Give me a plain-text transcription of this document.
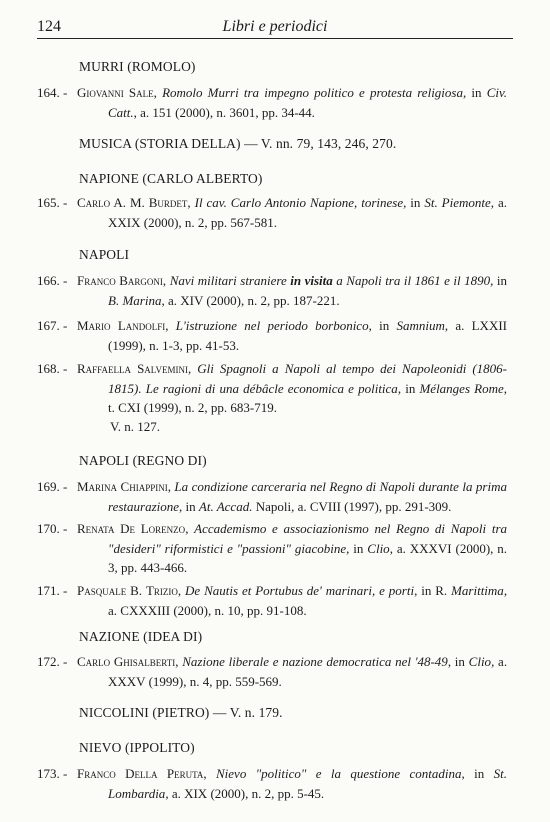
124	Libri e periodici
MURRI (ROMOLO)
164. - Giovanni Sale, Romolo Murri tra impegno politico e protesta religiosa, in Civ. Catt., a. 151 (2000), n. 3601, pp. 34-44.
MUSICA (STORIA DELLA) — V. nn. 79, 143, 246, 270.
NAPIONE (CARLO ALBERTO)
165. - Carlo A. M. Burdet, Il cav. Carlo Antonio Napione, torinese, in St. Piemonte, a. XXIX (2000), n. 2, pp. 567-581.
NAPOLI
166. - Franco Bargoni, Navi militari straniere in visita a Napoli tra il 1861 e il 1890, in B. Marina, a. XIV (2000), n. 2, pp. 187-221.
167. - Mario Landolfi, L'istruzione nel periodo borbonico, in Samnium, a. LXXII (1999), n. 1-3, pp. 41-53.
168. - Raffaella Salvemini, Gli Spagnoli a Napoli al tempo dei Napoleonidi (1806-1815). Le ragioni di una débâcle economica e politica, in Mélanges Rome, t. CXI (1999), n. 2, pp. 683-719.
V. n. 127.
NAPOLI (REGNO DI)
169. - Marina Chiappini, La condizione carceraria nel Regno di Napoli durante la prima restaurazione, in At. Accad. Napoli, a. CVIII (1997), pp. 291-309.
170. - Renata De Lorenzo, Accademismo e associazionismo nel Regno di Napoli tra "desideri" riformistici e "passioni" giacobine, in Clio, a. XXXVI (2000), n. 3, pp. 443-466.
171. - Pasquale B. Trizio, De Nautis et Portubus de' marinari, e porti, in R. Marittima, a. CXXXIII (2000), n. 10, pp. 91-108.
NAZIONE (IDEA DI)
172. - Carlo Ghisalberti, Nazione liberale e nazione democratica nel '48-49, in Clio, a. XXXV (1999), n. 4, pp. 559-569.
NICCOLINI (PIETRO) — V. n. 179.
NIEVO (IPPOLITO)
173. - Franco Della Peruta, Nievo "politico" e la questione contadina, in St. Lombardia, a. XIX (2000), n. 2, pp. 5-45.
